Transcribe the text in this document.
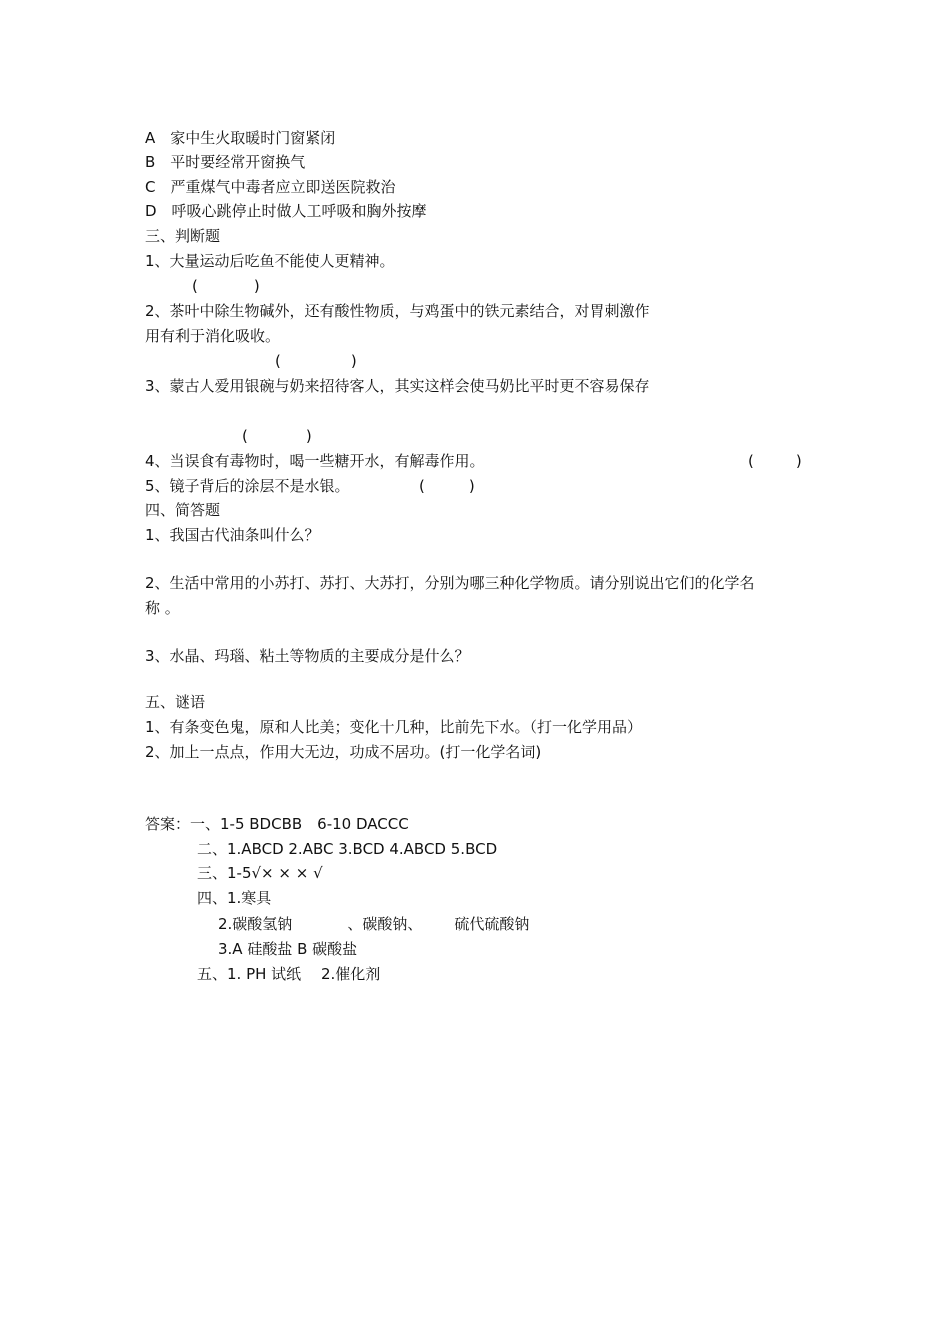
A　家中生火取暖时门窗紧闭
B　平时要经常开窗换气
C　严重煤气中毒者应立即送医院救治
D　呼吸心跳停止时做人工呼吸和胸外按摩
三、判断题
1、大量运动后吃鱼不能使人更精神。
(	)
2、茶叶中除生物碱外，还有酸性物质，与鸡蛋中的铁元素结合，对胃刺激作
用有利于消化吸收。
(	)
3、蒙古人爱用银碗与奶来招待客人，其实这样会使马奶比平时更不容易保存
(	)
4、当误食有毒物时，喝一些糖开水，有解毒作用。	(	)
5、镜子背后的涂层不是水银。	(	)
四、简答题
1、我国古代油条叫什么？
2、生活中常用的小苏打、苏打、大苏打，分别为哪三种化学物质。请分别说出它们的化学名
称 。
3、水晶、玛瑙、粘土等物质的主要成分是什么？
五、谜语
1、有条变色鬼，原和人比美；变化十几种，比前先下水。（打一化学用品）
2、加上一点点，作用大无边，功成不居功。(打一化学名词)
答案：一、1-5 BDCBB　6-10 DACCC
二、1.ABCD 2.ABC 3.BCD 4.ABCD 5.BCD
三、1-5√× × × √
四、1.寒具
2.碳酸氢钠	、碳酸钠、 硫代硫酸钠
3.A 硅酸盐 B 碳酸盐
五、1. PH 试纸　 2.催化剂
